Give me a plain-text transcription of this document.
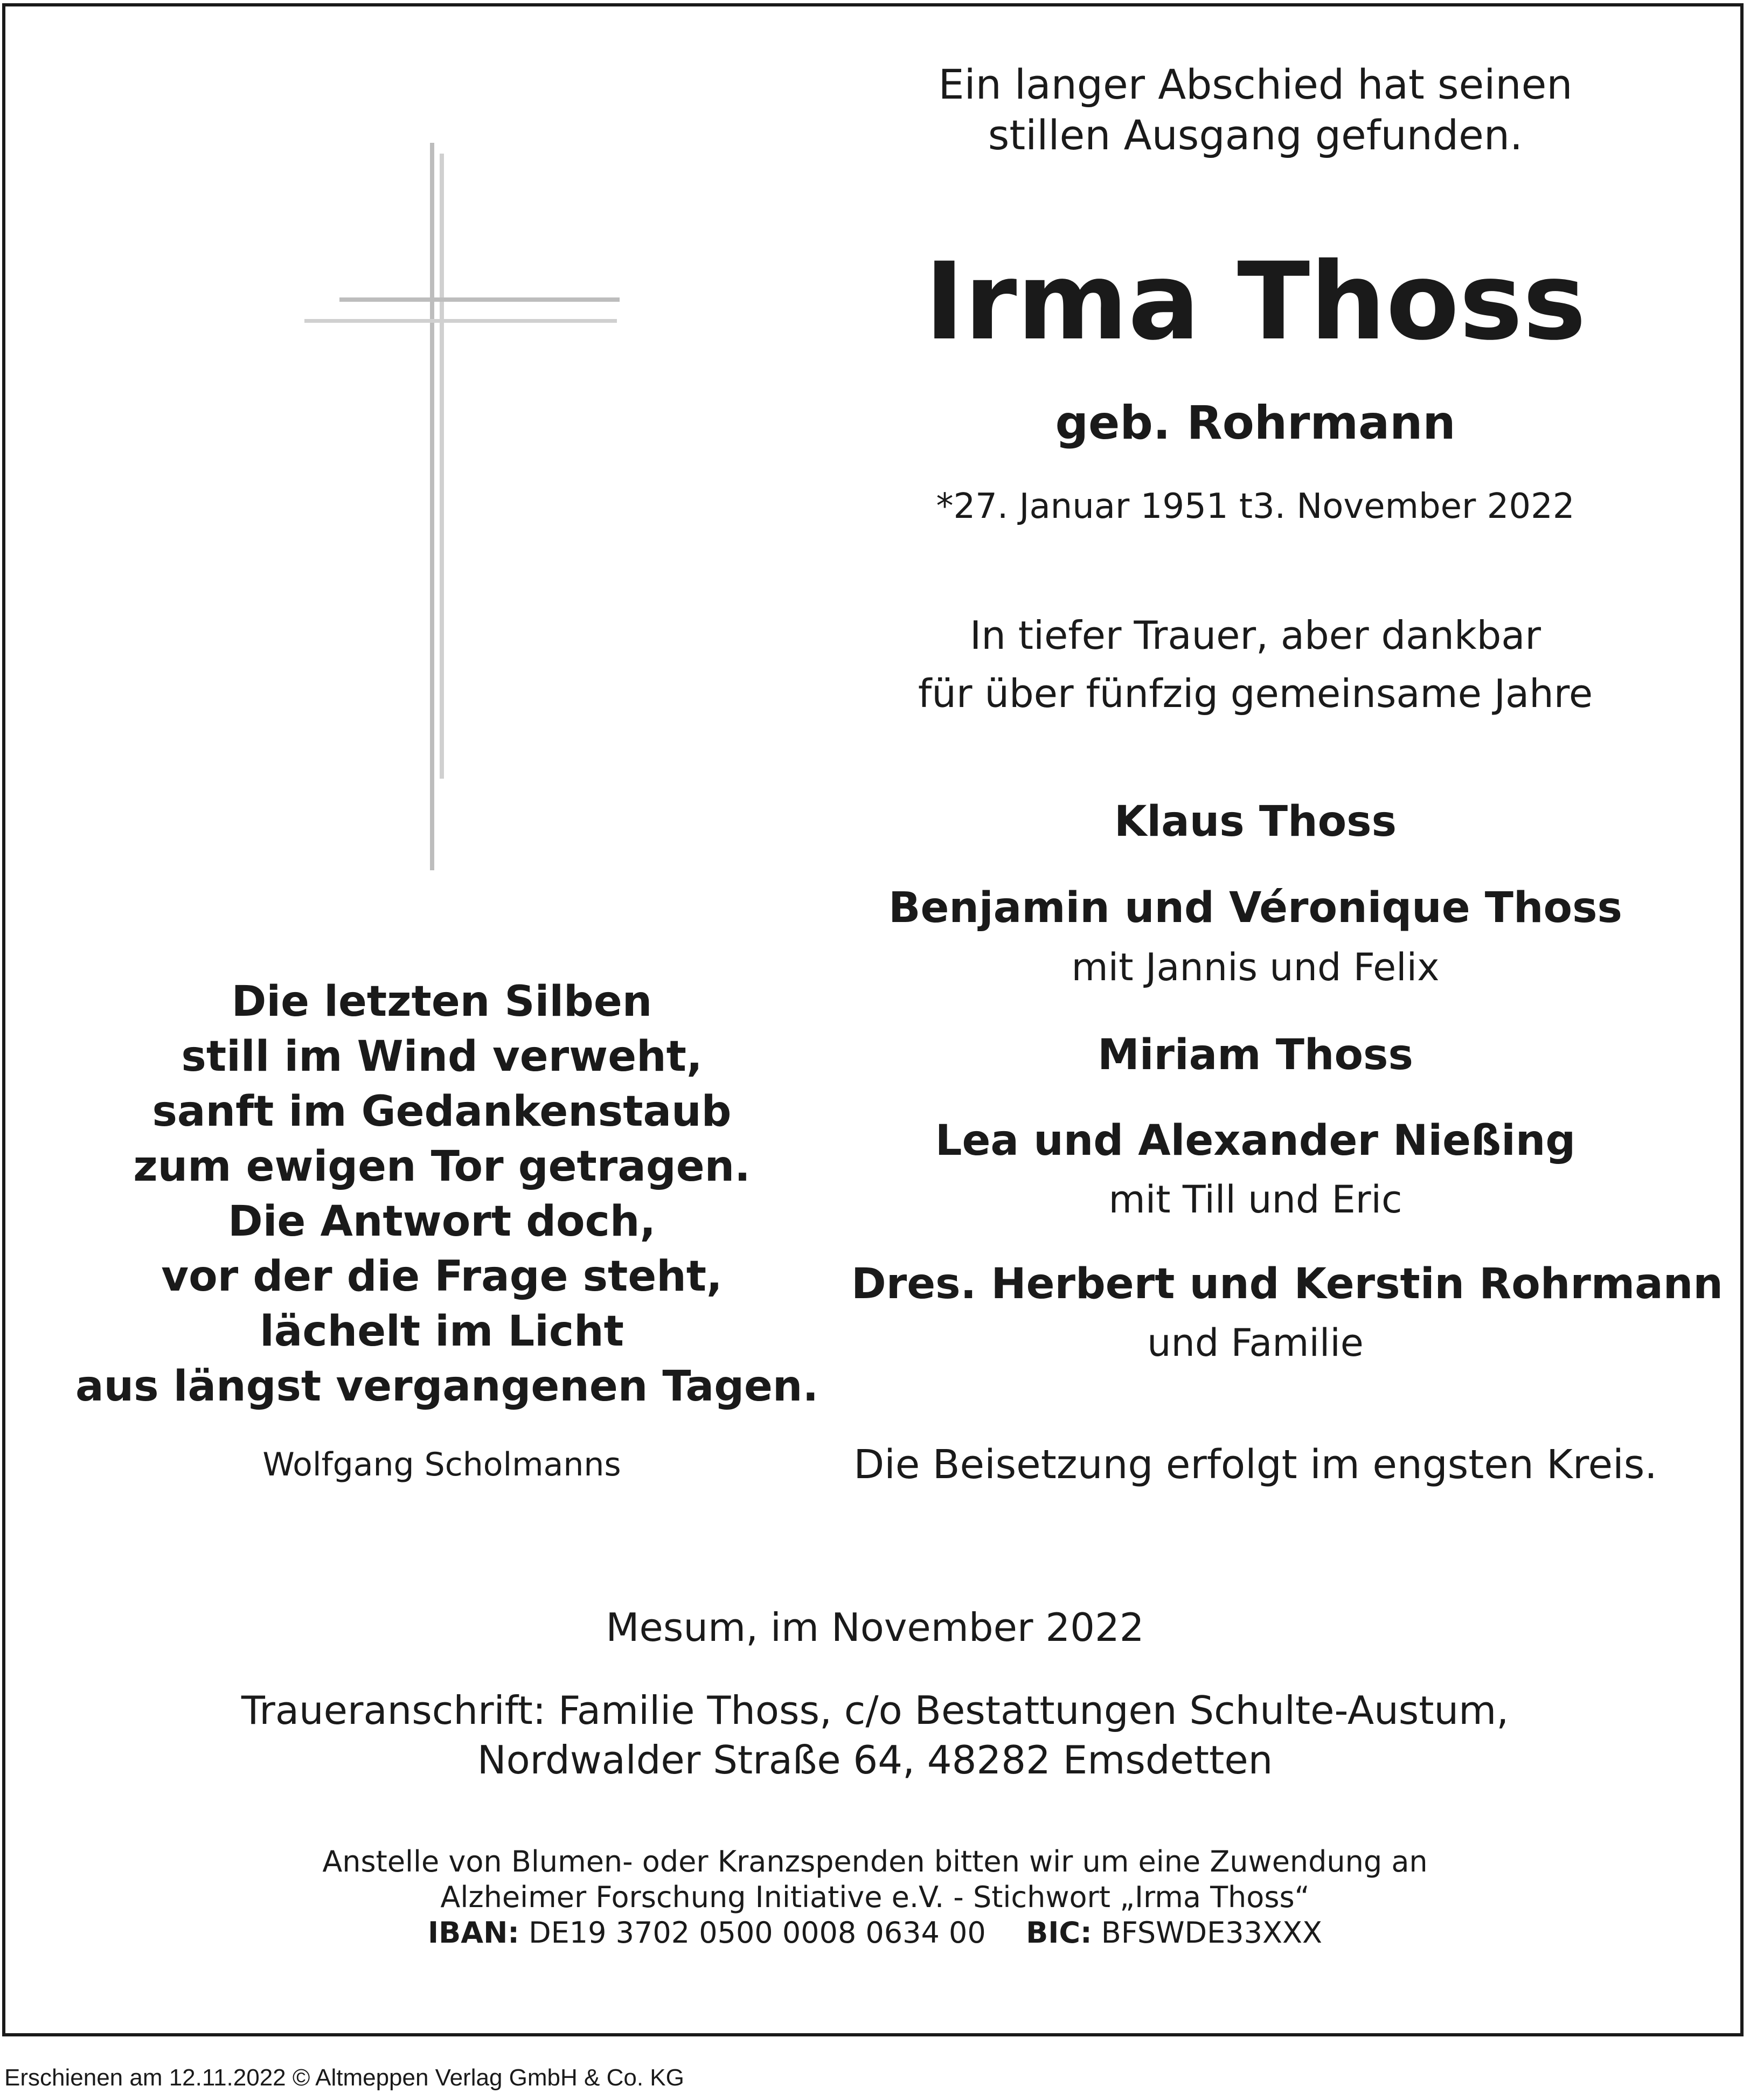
Ein langer Abschied hat seinen
stillen Ausgang gefunden.
Irma Thoss
geb. Rohrmann
*27. Januar 1951 t3. November 2022
In tiefer Trauer, aber dankbar
für über fünfzig gemeinsame Jahre
Klaus Thoss
Benjamin und Véronique Thoss
mit Jannis und Felix
Miriam Thoss
Lea und Alexander Nießing
mit Till und Eric
Dres. Herbert und Kerstin Rohrmann
und Familie
Die Beisetzung erfolgt im engsten Kreis.
Die letzten Silben
still im Wind verweht,
sanft im Gedankenstaub
zum ewigen Tor getragen.
Die Antwort doch,
vor der die Frage steht,
lächelt im Licht
aus längst vergangenen Tagen.
Wolfgang Scholmanns
Mesum, im November 2022
Traueranschrift: Familie Thoss, c/o Bestattungen Schulte-Austum,
Nordwalder Straße 64, 48282 Emsdetten
Anstelle von Blumen- oder Kranzspenden bitten wir um eine Zuwendung an
Alzheimer Forschung Initiative e.V. - Stichwort „Irma Thoss“
IBAN: DE19 3702 0500 0008 0634 00 BIC: BFSWDE33XXX
Erschienen am 12.11.2022 © Altmeppen Verlag GmbH & Co. KG
